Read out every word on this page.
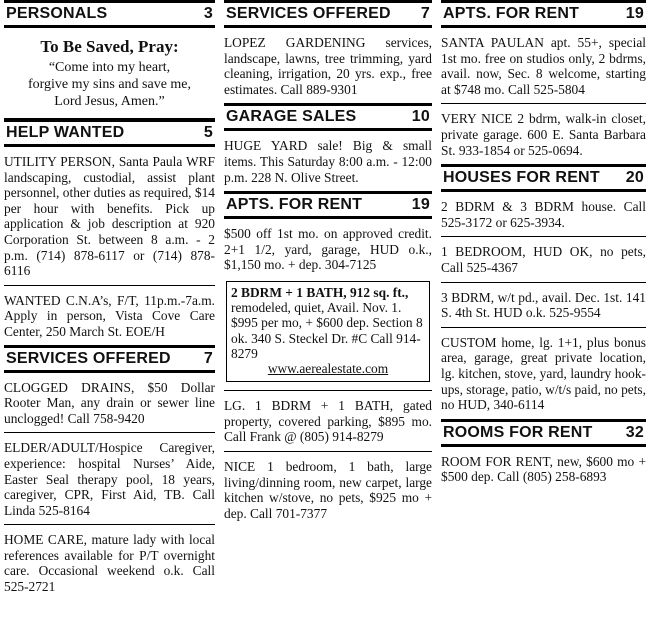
PERSONALS	3
To Be Saved, Pray:
“Come into my heart,
forgive my sins and save me,
Lord Jesus, Amen.”
HELP WANTED	5

UTILITY PERSON, Santa Paula WRF landscaping, custodial, assist plant personnel, other duties as required, $14 per hour with benefits. Pick up application & job description at 920 Corporation St. between 8 a.m. - 2 p.m. (714) 878-6117 or (714) 878-6116

WANTED C.N.A’s, F/T, 11p.m.-7a.m. Apply in person, Vista Cove Care Center, 250 March St. EOE/H

SERVICES OFFERED 7

CLOGGED DRAINS, $50 Dollar Rooter Man, any drain or sewer line unclogged! Call 758-9420

ELDER/ADULT/Hospice Caregiver, experience: hospital Nurses’ Aide, Easter Seal therapy pool, 18 years, caregiver, CPR, First Aid, TB. Call Linda 525-8164

HOME CARE, mature lady with local references available for P/T overnight care. Occasional weekend o.k. Call 525-2721

SERVICES OFFERED 7

LOPEZ GARDENING services, landscape, lawns, tree trimming, yard cleaning, irrigation, 20 yrs. exp., free estimates. Call 889-9301

GARAGE SALES	10

HUGE YARD sale! Big & small items. This Saturday 8:00 a.m. - 12:00 p.m. 228 N. Olive Street.

APTS. FOR RENT	19

$500 off 1st mo. on approved credit. 2+1 1/2, yard, garage, HUD o.k., $1,150 mo. + dep. 304-7125

2 BDRM + 1 BATH, 912 sq. ft.,
remodeled, quiet, Avail. Nov. 1. $995 per mo, + $600 dep. Section 8 ok. 340 S. Steckel Dr. #C Call 914-8279
www.aerealestate.com

LG. 1 BDRM + 1 BATH, gated property, covered parking, $895 mo. Call Frank @ (805) 914-8279

NICE 1 bedroom, 1 bath, large living/dinning room, new carpet, large kitchen w/stove, no pets, $925 mo + dep. Call 701-7377

APTS. FOR RENT	19

SANTA PAULAN apt. 55+, special 1st mo. free on studios only, 2 bdrms, avail. now, Sec. 8 welcome, starting at $748 mo. Call 525-5804

VERY NICE 2 bdrm, walk-in closet, private garage. 600 E. Santa Barbara St. 933-1854 or 525-0694.

HOUSES FOR RENT 20

2 BDRM & 3 BDRM house. Call 525-3172 or 625-3934.

1 BEDROOM, HUD OK, no pets, Call 525-4367

3 BDRM, w/t pd., avail. Dec. 1st. 141 S. 4th St. HUD o.k. 525-9554

CUSTOM home, lg. 1+1, plus bonus area, garage, great private location, lg. kitchen, stove, yard, laundry hook-ups, storage, patio, w/t/s paid, no pets, no HUD, 340-6114

ROOMS FOR RENT 32

ROOM FOR RENT, new, $600 mo + $500 dep. Call (805) 258-6893
